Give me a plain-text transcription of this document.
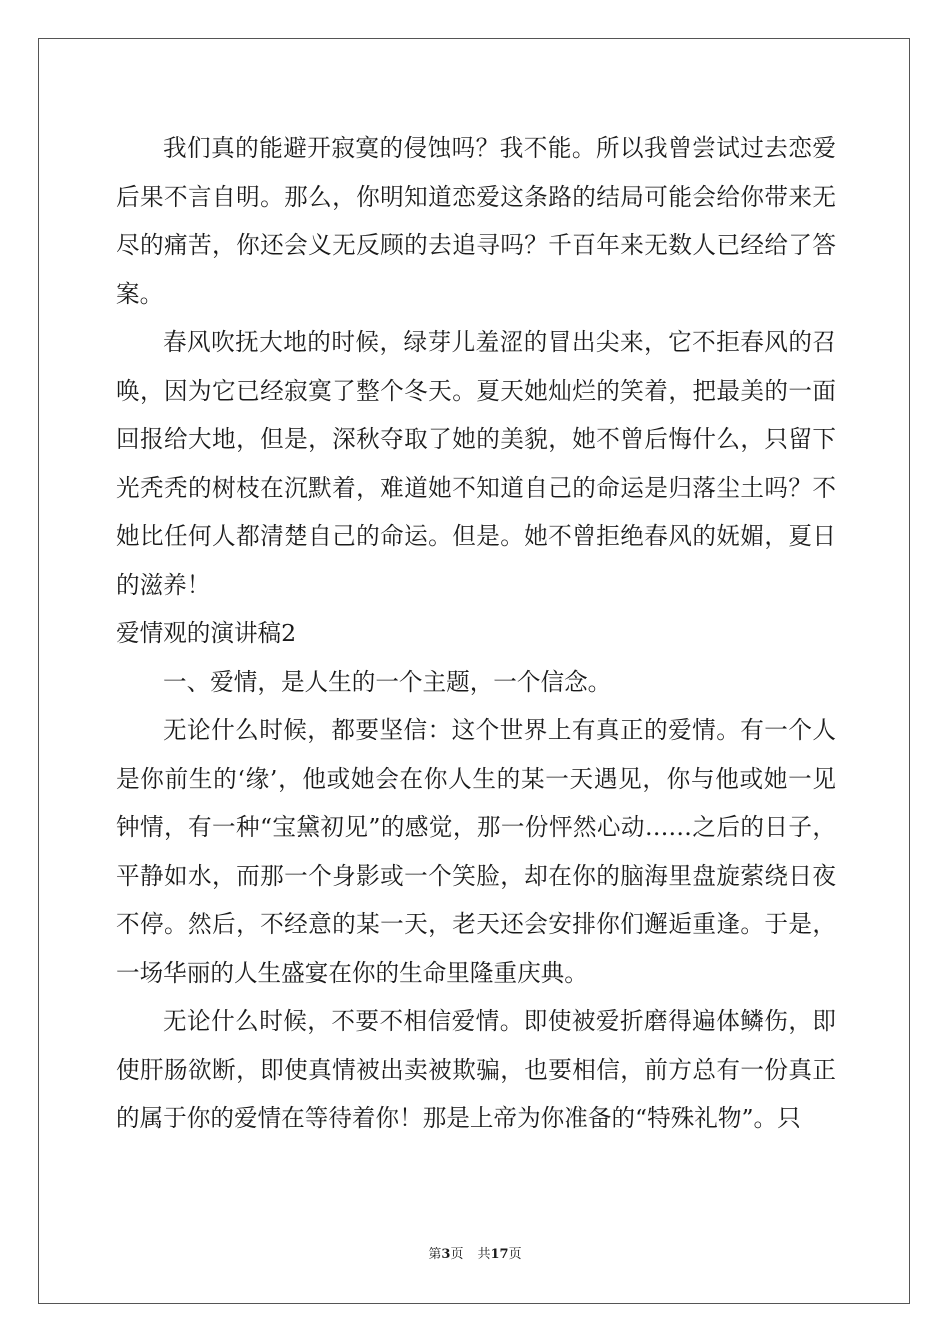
我们真的能避开寂寞的侵蚀吗？我不能。所以我曾尝试过去恋爱后果不言自明。那么，你明知道恋爱这条路的结局可能会给你带来无尽的痛苦，你还会义无反顾的去追寻吗？千百年来无数人已经给了答案。

春风吹抚大地的时候，绿芽儿羞涩的冒出尖来，它不拒春风的召唤，因为它已经寂寞了整个冬天。夏天她灿烂的笑着，把最美的一面回报给大地，但是，深秋夺取了她的美貌，她不曾后悔什么，只留下光秃秃的树枝在沉默着，难道她不知道自己的命运是归落尘土吗？不她比任何人都清楚自己的命运。但是。她不曾拒绝春风的妩媚，夏日的滋养！

爱情观的演讲稿2

一、爱情，是人生的一个主题，一个信念。

无论什么时候，都要坚信：这个世界上有真正的爱情。有一个人是你前生的‘缘’，他或她会在你人生的某一天遇见，你与他或她一见钟情，有一种“宝黛初见”的感觉，那一份怦然心动……之后的日子，平静如水，而那一个身影或一个笑脸，却在你的脑海里盘旋萦绕日夜不停。然后，不经意的某一天，老天还会安排你们邂逅重逢。于是，一场华丽的人生盛宴在你的生命里隆重庆典。

无论什么时候，不要不相信爱情。即使被爱折磨得遍体鳞伤，即使肝肠欲断，即使真情被出卖被欺骗，也要相信，前方总有一份真正的属于你的爱情在等待着你！那是上帝为你准备的“特殊礼物”。只

第3页 共17页
